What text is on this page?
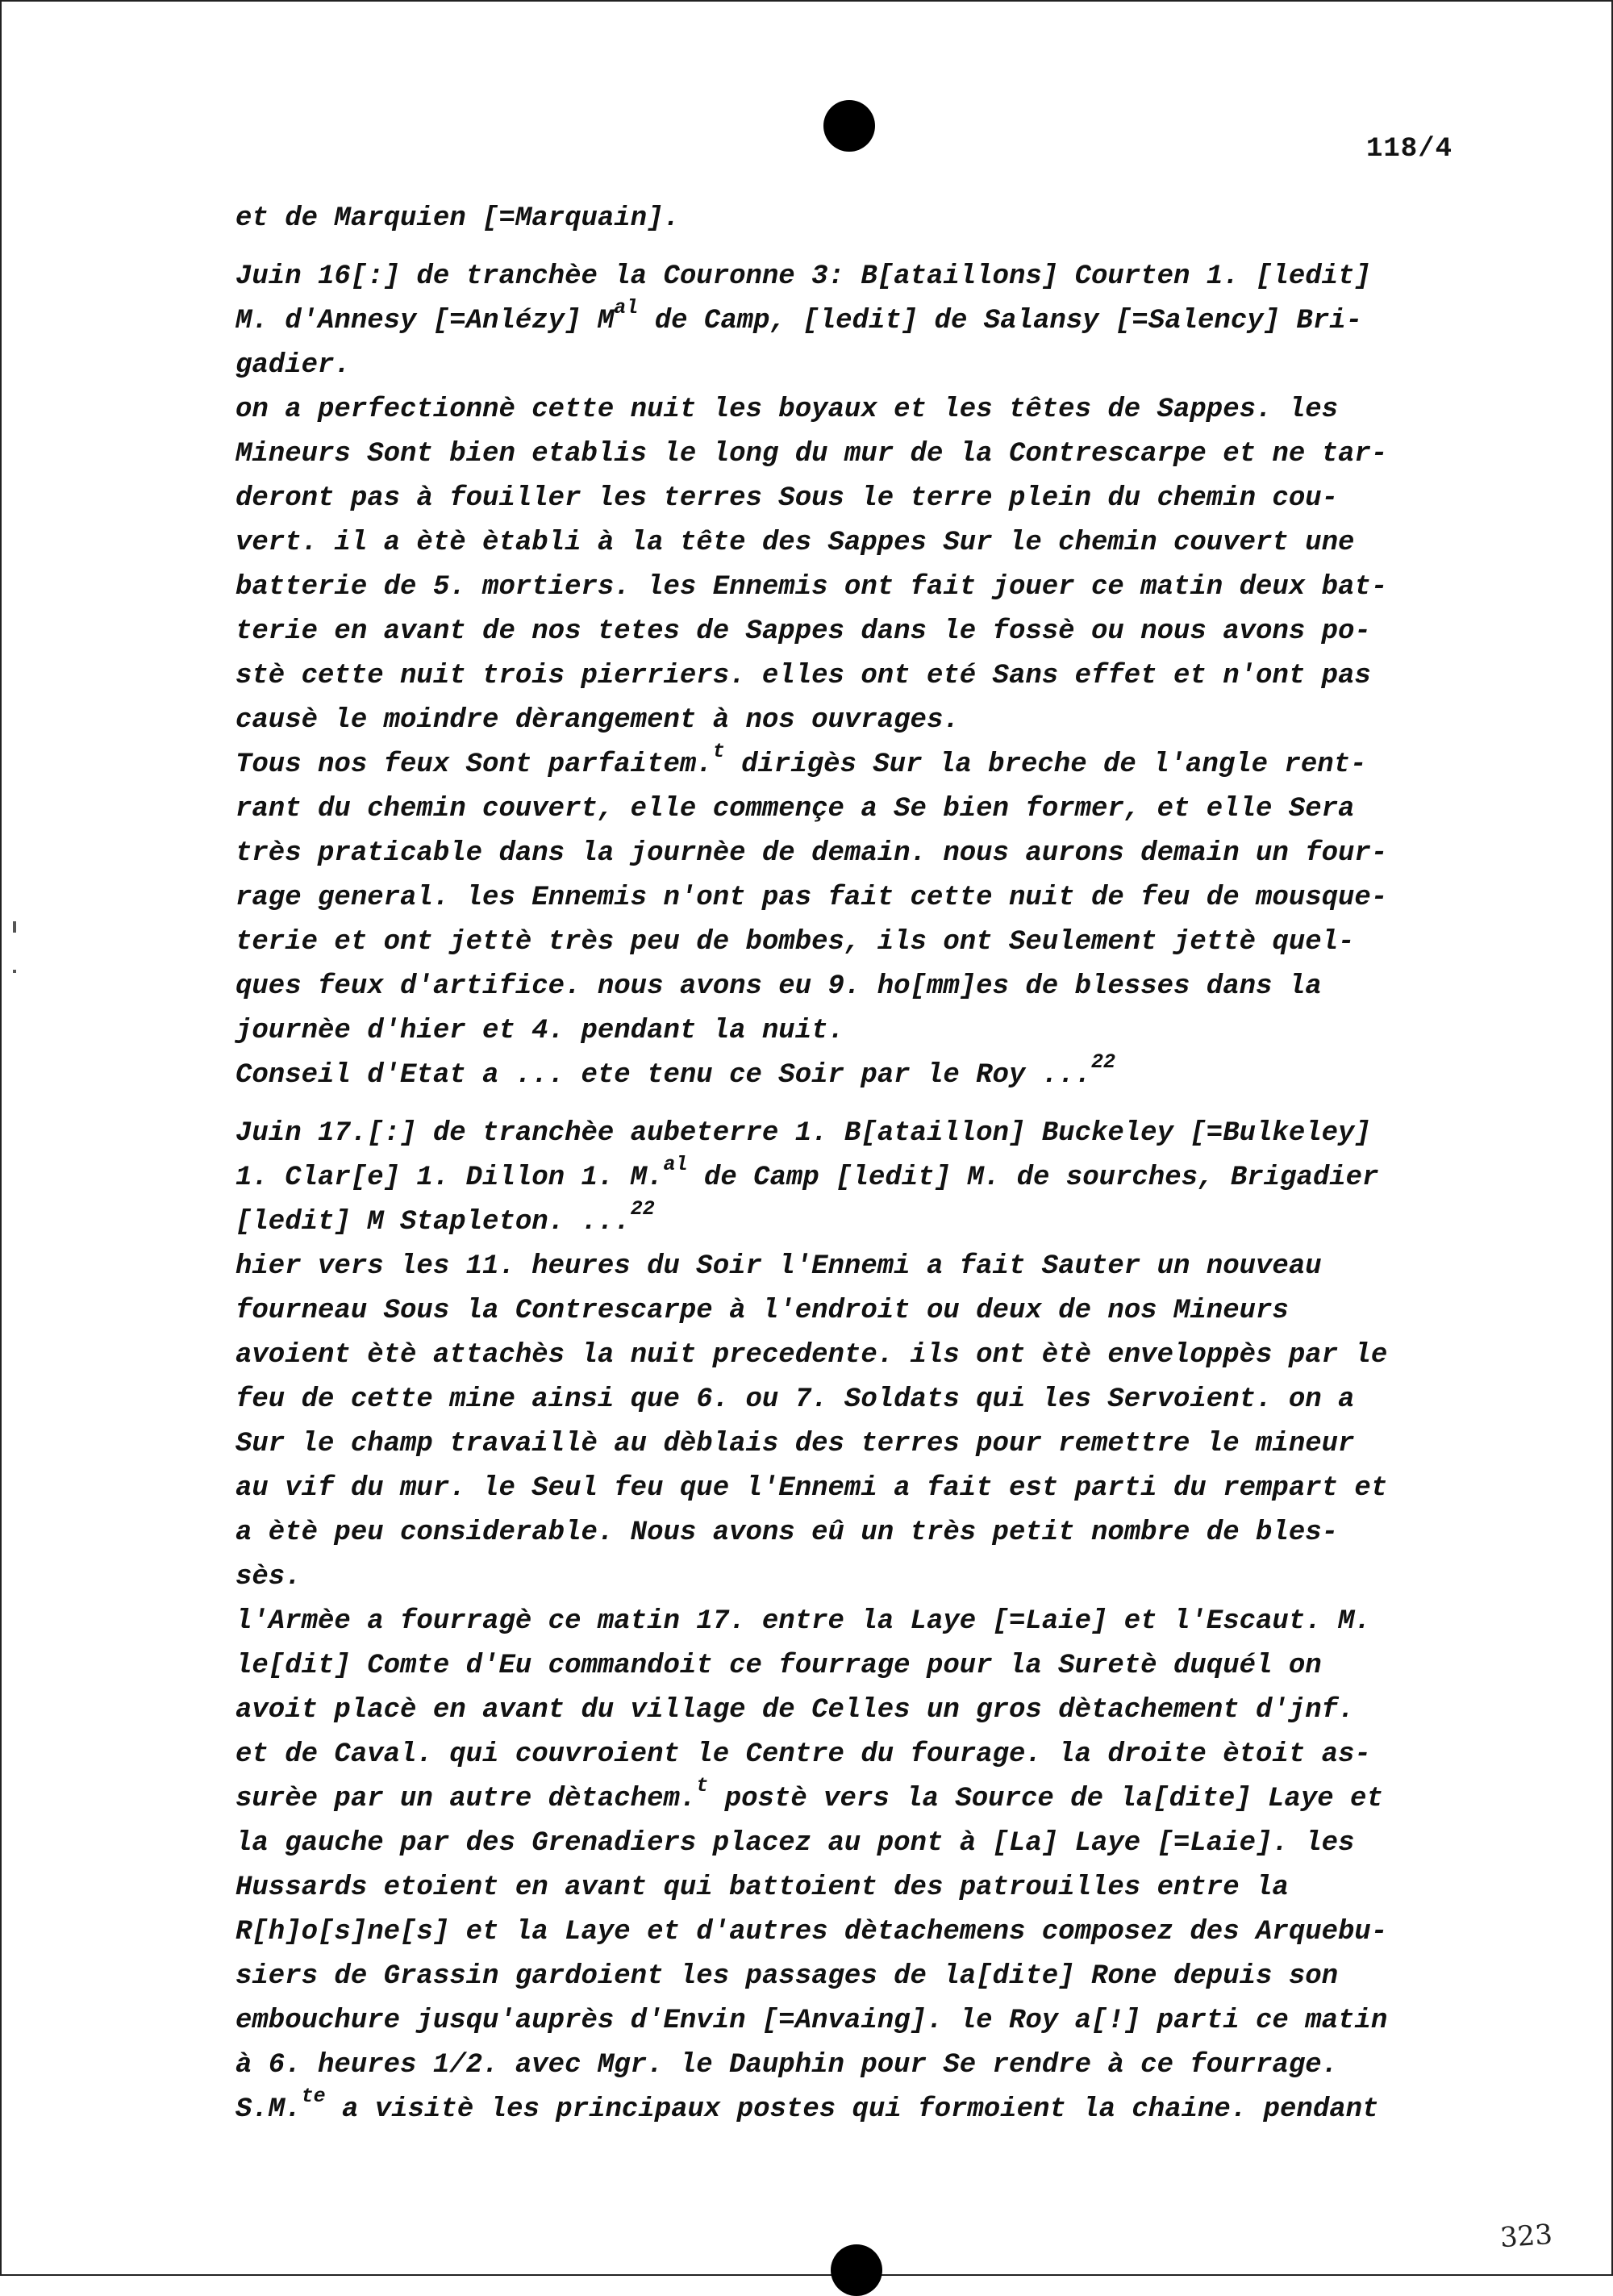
118/4
et de Marquien [=Marquain].
Juin 16[:] de tranchèe la Couronne 3: B[ataillons] Courten 1. [ledit]
M. d'Annesy [=Anlézy] $M^{al}$ de Camp, [ledit] de Salansy [=Salency] Bri-
gadier.
on a perfectionnè cette nuit les boyaux et les têtes de Sappes. les
Mineurs Sont bien etablis le long du mur de la Contrescarpe et ne tar-
deront pas à fouiller les terres Sous le terre plein du chemin cou-
vert. il a ètè ètabli à la tête des Sappes Sur le chemin couvert une
batterie de 5. mortiers. les Ennemis ont fait jouer ce matin deux bat-
terie en avant de nos tetes de Sappes dans le fossè ou nous avons po-
stè cette nuit trois pierriers. elles ont eté Sans effet et n'ont pas
causè le moindre dèrangement à nos ouvrages.
Tous nos feux Sont parfaitem.$^t$ dirigès Sur la breche de l'angle rent-
rant du chemin couvert, elle commençe a Se bien former, et elle Sera
très praticable dans la journèe de demain. nous aurons demain un four-
rage general. les Ennemis n'ont pas fait cette nuit de feu de mousque-
terie et ont jettè très peu de bombes, ils ont Seulement jettè quel-
ques feux d'artifice. nous avons eu 9. ho[mm]es de blesses dans la
journèe d'hier et 4. pendant la nuit.
Conseil d'Etat a ... ete tenu ce Soir par le Roy ...$^{22}$
Juin 17.[:] de tranchèe aubeterre 1. B[ataillon] Buckeley [=Bulkeley]
1. Clar[e] 1. Dillon 1. M.$^{al}$ de Camp [ledit] M. de sourches, Brigadier
[ledit] M Stapleton. ...$^{22}$
hier vers les 11. heures du Soir l'Ennemi a fait Sauter un nouveau
fourneau Sous la Contrescarpe à l'endroit ou deux de nos Mineurs
avoient ètè attachès la nuit precedente. ils ont ètè enveloppès par le
feu de cette mine ainsi que 6. ou 7. Soldats qui les Servoient. on a
Sur le champ travaillè au dèblais des terres pour remettre le mineur
au vif du mur. le Seul feu que l'Ennemi a fait est parti du rempart et
a ètè peu considerable. Nous avons eû un très petit nombre de bles-
sès.
l'Armèe a fourragè ce matin 17. entre la Laye [=Laie] et l'Escaut. M.
le[dit] Comte d'Eu commandoit ce fourrage pour la Suretè duquél on
avoit placè en avant du village de Celles un gros dètachement d'jnf.
et de Caval. qui couvroient le Centre du fourage. la droite ètoit as-
surèe par un autre dètachem.$^t$ postè vers la Source de la[dite] Laye et
la gauche par des Grenadiers placez au pont à [La] Laye [=Laie]. les
Hussards etoient en avant qui battoient des patrouilles entre la
R[h]o[s]ne[s] et la Laye et d'autres dètachemens composez des Arquebu-
siers de Grassin gardoient les passages de la[dite] Rone depuis son
embouchure jusqu'auprès d'Envin [=Anvaing]. le Roy a[!] parti ce matin
à 6. heures 1/2. avec Mgr. le Dauphin pour Se rendre à ce fourrage.
S.M.$^{te}$ a visitè les principaux postes qui formoient la chaine. pendant
323
